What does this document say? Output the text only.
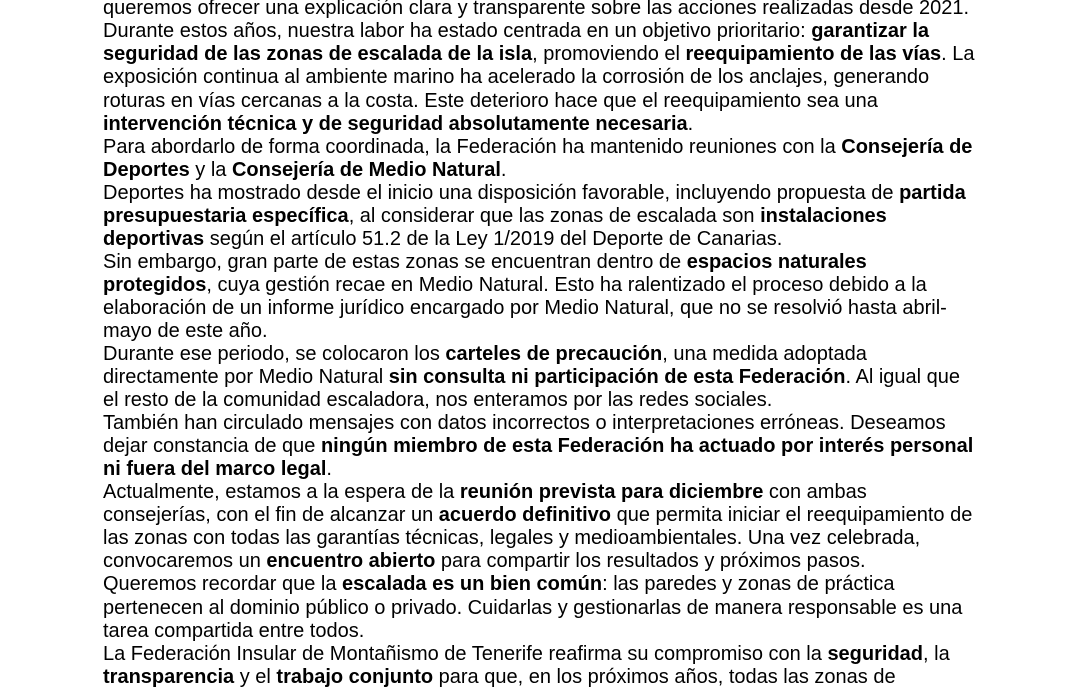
queremos ofrecer una explicación clara y transparente sobre las acciones realizadas desde 2021.
Durante estos años, nuestra labor ha estado centrada en un objetivo prioritario: garantizar la
seguridad de las zonas de escalada de la isla, promoviendo el reequipamiento de las vías. La
exposición continua al ambiente marino ha acelerado la corrosión de los anclajes, generando
roturas en vías cercanas a la costa. Este deterioro hace que el reequipamiento sea una
intervención técnica y de seguridad absolutamente necesaria.
Para abordarlo de forma coordinada, la Federación ha mantenido reuniones con la Consejería de
Deportes y la Consejería de Medio Natural.
Deportes ha mostrado desde el inicio una disposición favorable, incluyendo propuesta de partida
presupuestaria específica, al considerar que las zonas de escalada son instalaciones
deportivas según el artículo 51.2 de la Ley 1/2019 del Deporte de Canarias.
Sin embargo, gran parte de estas zonas se encuentran dentro de espacios naturales
protegidos, cuya gestión recae en Medio Natural. Esto ha ralentizado el proceso debido a la
elaboración de un informe jurídico encargado por Medio Natural, que no se resolvió hasta abril-
mayo de este año.
Durante ese periodo, se colocaron los carteles de precaución, una medida adoptada
directamente por Medio Natural sin consulta ni participación de esta Federación. Al igual que
el resto de la comunidad escaladora, nos enteramos por las redes sociales.
También han circulado mensajes con datos incorrectos o interpretaciones erróneas. Deseamos
dejar constancia de que ningún miembro de esta Federación ha actuado por interés personal
ni fuera del marco legal.
Actualmente, estamos a la espera de la reunión prevista para diciembre con ambas
consejerías, con el fin de alcanzar un acuerdo definitivo que permita iniciar el reequipamiento de
las zonas con todas las garantías técnicas, legales y medioambientales. Una vez celebrada,
convocaremos un encuentro abierto para compartir los resultados y próximos pasos.
Queremos recordar que la escalada es un bien común: las paredes y zonas de práctica
pertenecen al dominio público o privado. Cuidarlas y gestionarlas de manera responsable es una
tarea compartida entre todos.
La Federación Insular de Montañismo de Tenerife reafirma su compromiso con la seguridad, la
transparencia y el trabajo conjunto para que, en los próximos años, todas las zonas de
